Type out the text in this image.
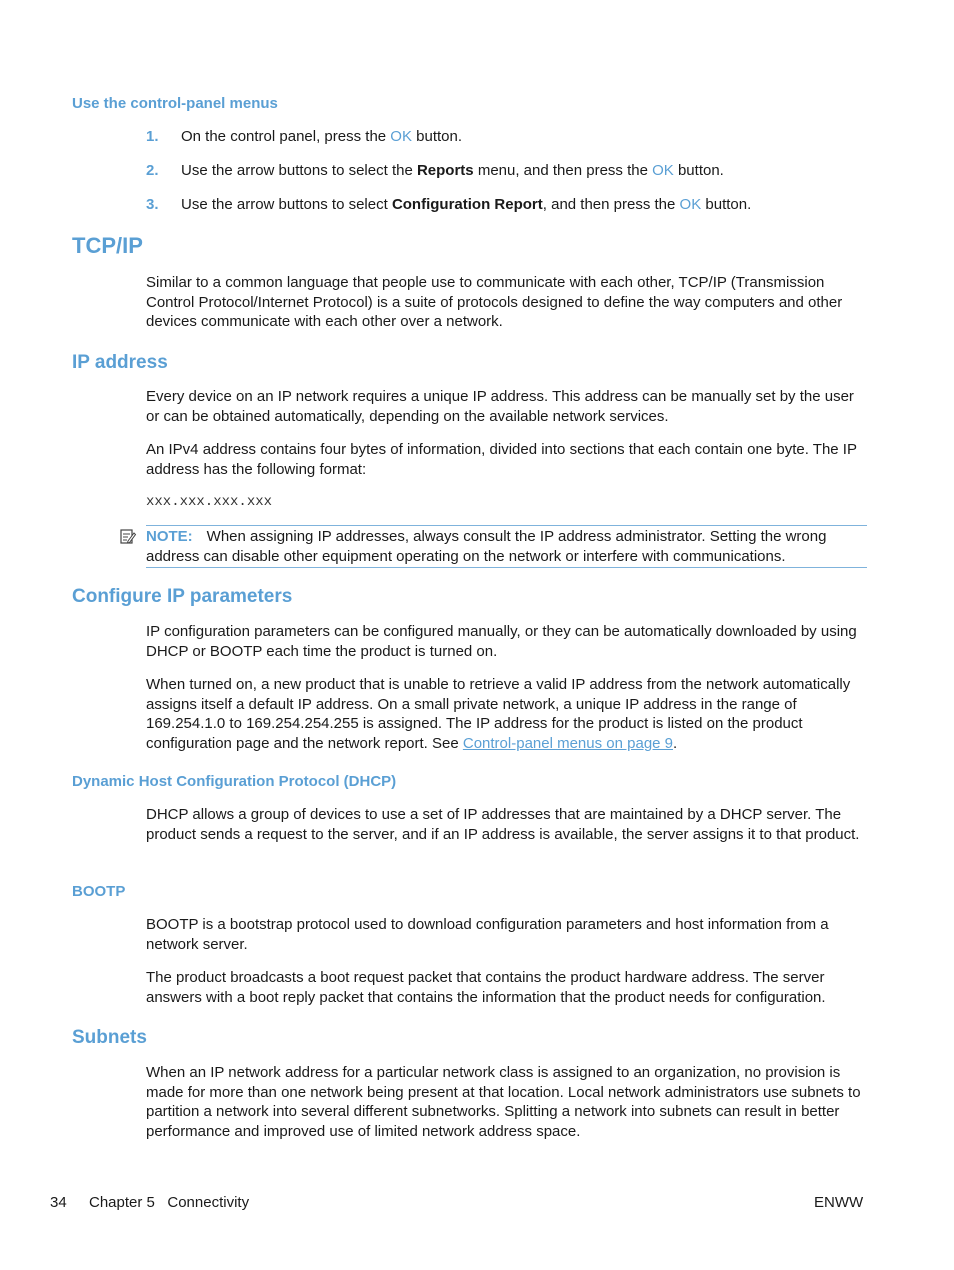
Use the control-panel menus
1. On the control panel, press the OK button.
2. Use the arrow buttons to select the Reports menu, and then press the OK button.
3. Use the arrow buttons to select Configuration Report, and then press the OK button.
TCP/IP
Similar to a common language that people use to communicate with each other, TCP/IP (Transmission Control Protocol/Internet Protocol) is a suite of protocols designed to define the way computers and other devices communicate with each other over a network.
IP address
Every device on an IP network requires a unique IP address. This address can be manually set by the user or can be obtained automatically, depending on the available network services.
An IPv4 address contains four bytes of information, divided into sections that each contain one byte. The IP address has the following format:
xxx.xxx.xxx.xxx
NOTE: When assigning IP addresses, always consult the IP address administrator. Setting the wrong address can disable other equipment operating on the network or interfere with communications.
Configure IP parameters
IP configuration parameters can be configured manually, or they can be automatically downloaded by using DHCP or BOOTP each time the product is turned on.
When turned on, a new product that is unable to retrieve a valid IP address from the network automatically assigns itself a default IP address. On a small private network, a unique IP address in the range of 169.254.1.0 to 169.254.254.255 is assigned. The IP address for the product is listed on the product configuration page and the network report. See Control-panel menus on page 9.
Dynamic Host Configuration Protocol (DHCP)
DHCP allows a group of devices to use a set of IP addresses that are maintained by a DHCP server. The product sends a request to the server, and if an IP address is available, the server assigns it to that product.
BOOTP
BOOTP is a bootstrap protocol used to download configuration parameters and host information from a network server.
The product broadcasts a boot request packet that contains the product hardware address. The server answers with a boot reply packet that contains the information that the product needs for configuration.
Subnets
When an IP network address for a particular network class is assigned to an organization, no provision is made for more than one network being present at that location. Local network administrators use subnets to partition a network into several different subnetworks. Splitting a network into subnets can result in better performance and improved use of limited network address space.
34 Chapter 5   Connectivity	ENWW
